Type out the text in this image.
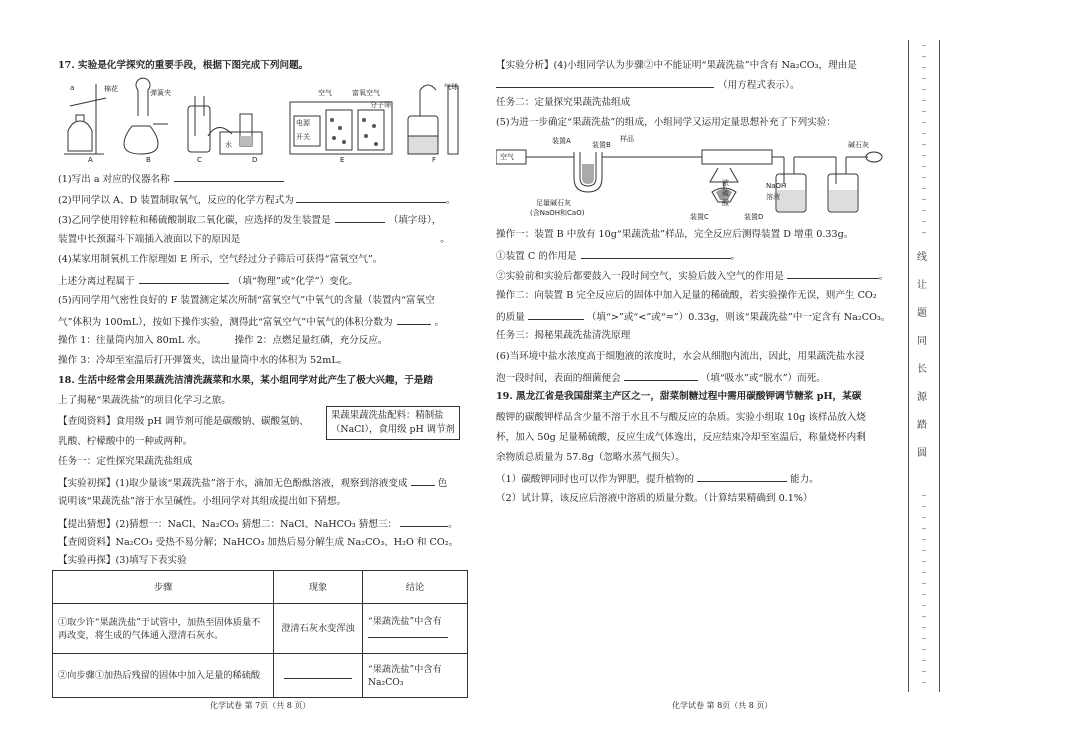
17. 实验是化学探究的重要手段，根据下图完成下列问题。
a	棉花	弹簧夹
A	B	C
水
D
空气	富氧空气
电源
开关
分子筛
E
气球
F
(1)写出 a 对应的仪器名称
(2)甲同学以 A、D 装置制取氧气，反应的化学方程式为	。
(3)乙同学使用锌粒和稀硫酸制取二氧化碳，应选择的发生装置是	（填字母），
装置中长颈漏斗下端插入液面以下的原因是	。
(4)某家用制氧机工作原理如 E 所示，空气经过分子筛后可获得“富氧空气”。
上述分离过程属于	（填“物理”或“化学”）变化。
(5)丙同学用气密性良好的 F 装置测定某次所制“富氧空气”中氧气的含量（装置内“富氧空
气”体积为 100mL），按如下操作实验，测得此“富氧空气”中氧气的体积分数为	。
操作 1：往量筒内加入 80mL 水。	操作 2：点燃足量红磷，充分反应。
操作 3：冷却至室温后打开弹簧夹，读出量筒中水的体积为 52mL。
18. 生活中经常会用果蔬洗洁清洗蔬菜和水果，某小组同学对此产生了极大兴趣，于是踏
上了揭秘“果蔬洗盐”的项目化学习之旅。
果蔬果蔬洗盐配料：精制盐
（NaCl），食用级 pH 调节剂
【查阅资料】食用级 pH 调节剂可能是碳酸钠、碳酸氢钠、
乳酸、柠檬酸中的一种或两种。
任务一：定性探究果蔬洗盐组成
【实验初探】(1)取少量该“果蔬洗盐”溶于水，滴加无色酚酞溶液，观察到溶液变成	色
说明该“果蔬洗盐”溶于水呈碱性。小组同学对其组成提出如下猜想。
【提出猜想】(2)猜想一：NaCl、Na₂CO₃ 猜想二：NaCl、NaHCO₃ 猜想三：	。
【查阅资料】Na₂CO₃ 受热不易分解；NaHCO₃ 加热后易分解生成 Na₂CO₃、H₂O 和 CO₂。
【实验再探】(3)填写下表实验
步骤	现象	结论
①取少许“果蔬洗盐”于试管中，加热至固体质量不再改变，将生成的气体通入澄清石灰水。	澄清石灰水变浑浊	“果蔬洗盐”中含有

②向步骤①加热后残留的固体中加入足量的稀硫酸		“果蔬洗盐”中含有 Na₂CO₃
化学试卷 第 7页（共 8 页）
【实验分析】(4)小组同学认为步骤②中不能证明“果蔬洗盐”中含有 Na₂CO₃，理由是
（用方程式表示）。
任务二：定量探究果蔬洗盐组成
(5)为进一步确定“果蔬洗盐”的组成，小组同学又运用定量思想补充了下列实验：
空气
装置A	装置B
样品
碱石灰
足量碱石灰
(含NaOH和CaO)
浓
硫
酸
NaOH
溶液
装置C	装置D
操作一：装置 B 中放有 10g“果蔬洗盐”样品，完全反应后测得装置 D 增重 0.33g。
①装置 C 的作用是	。
②实验前和实验后都要鼓入一段时间空气，实验后鼓入空气的作用是	。
操作二：向装置 B 完全反应后的固体中加入足量的稀硫酸，若实验操作无误，则产生 CO₂
的质量	（填“>”或“<”或“=”）0.33g，则该“果蔬洗盐”中一定含有 Na₂CO₃。
任务三：揭秘果蔬洗盐清洗原理
(6)当环境中盐水浓度高于细胞液的浓度时，水会从细胞内流出，因此，用果蔬洗盐水浸
泡一段时间，表面的细菌便会	（填“吸水”或“脱水”）而死。
19. 黑龙江省是我国甜菜主产区之一，甜菜制糖过程中需用碳酸钾调节糖浆 pH，某碳
酸钾的碳酸钾样品含少量不溶于水且不与酸反应的杂质。实验小组取 10g 该样品放入烧
杯，加入 50g 足量稀硫酸，反应生成气体逸出，反应结束冷却至室温后，称量烧杯内剩
余物质总质量为 57.8g（忽略水蒸气损失）。
（1）碳酸钾同时也可以作为钾肥，提升植物的	能力。
（2）试计算，该反应后溶液中溶质的质量分数。（计算结果精确到 0.1%）
化学试卷 第 8页（共 8 页）
~
~
~
~
~
~
~
~
~
~
~
~
~
~
~
~
~
~
~
~
~
~
~
~
~
~
~
~
~
~
~
~
~
~
~
~
线
让
题
同
长
源
踏
圆
